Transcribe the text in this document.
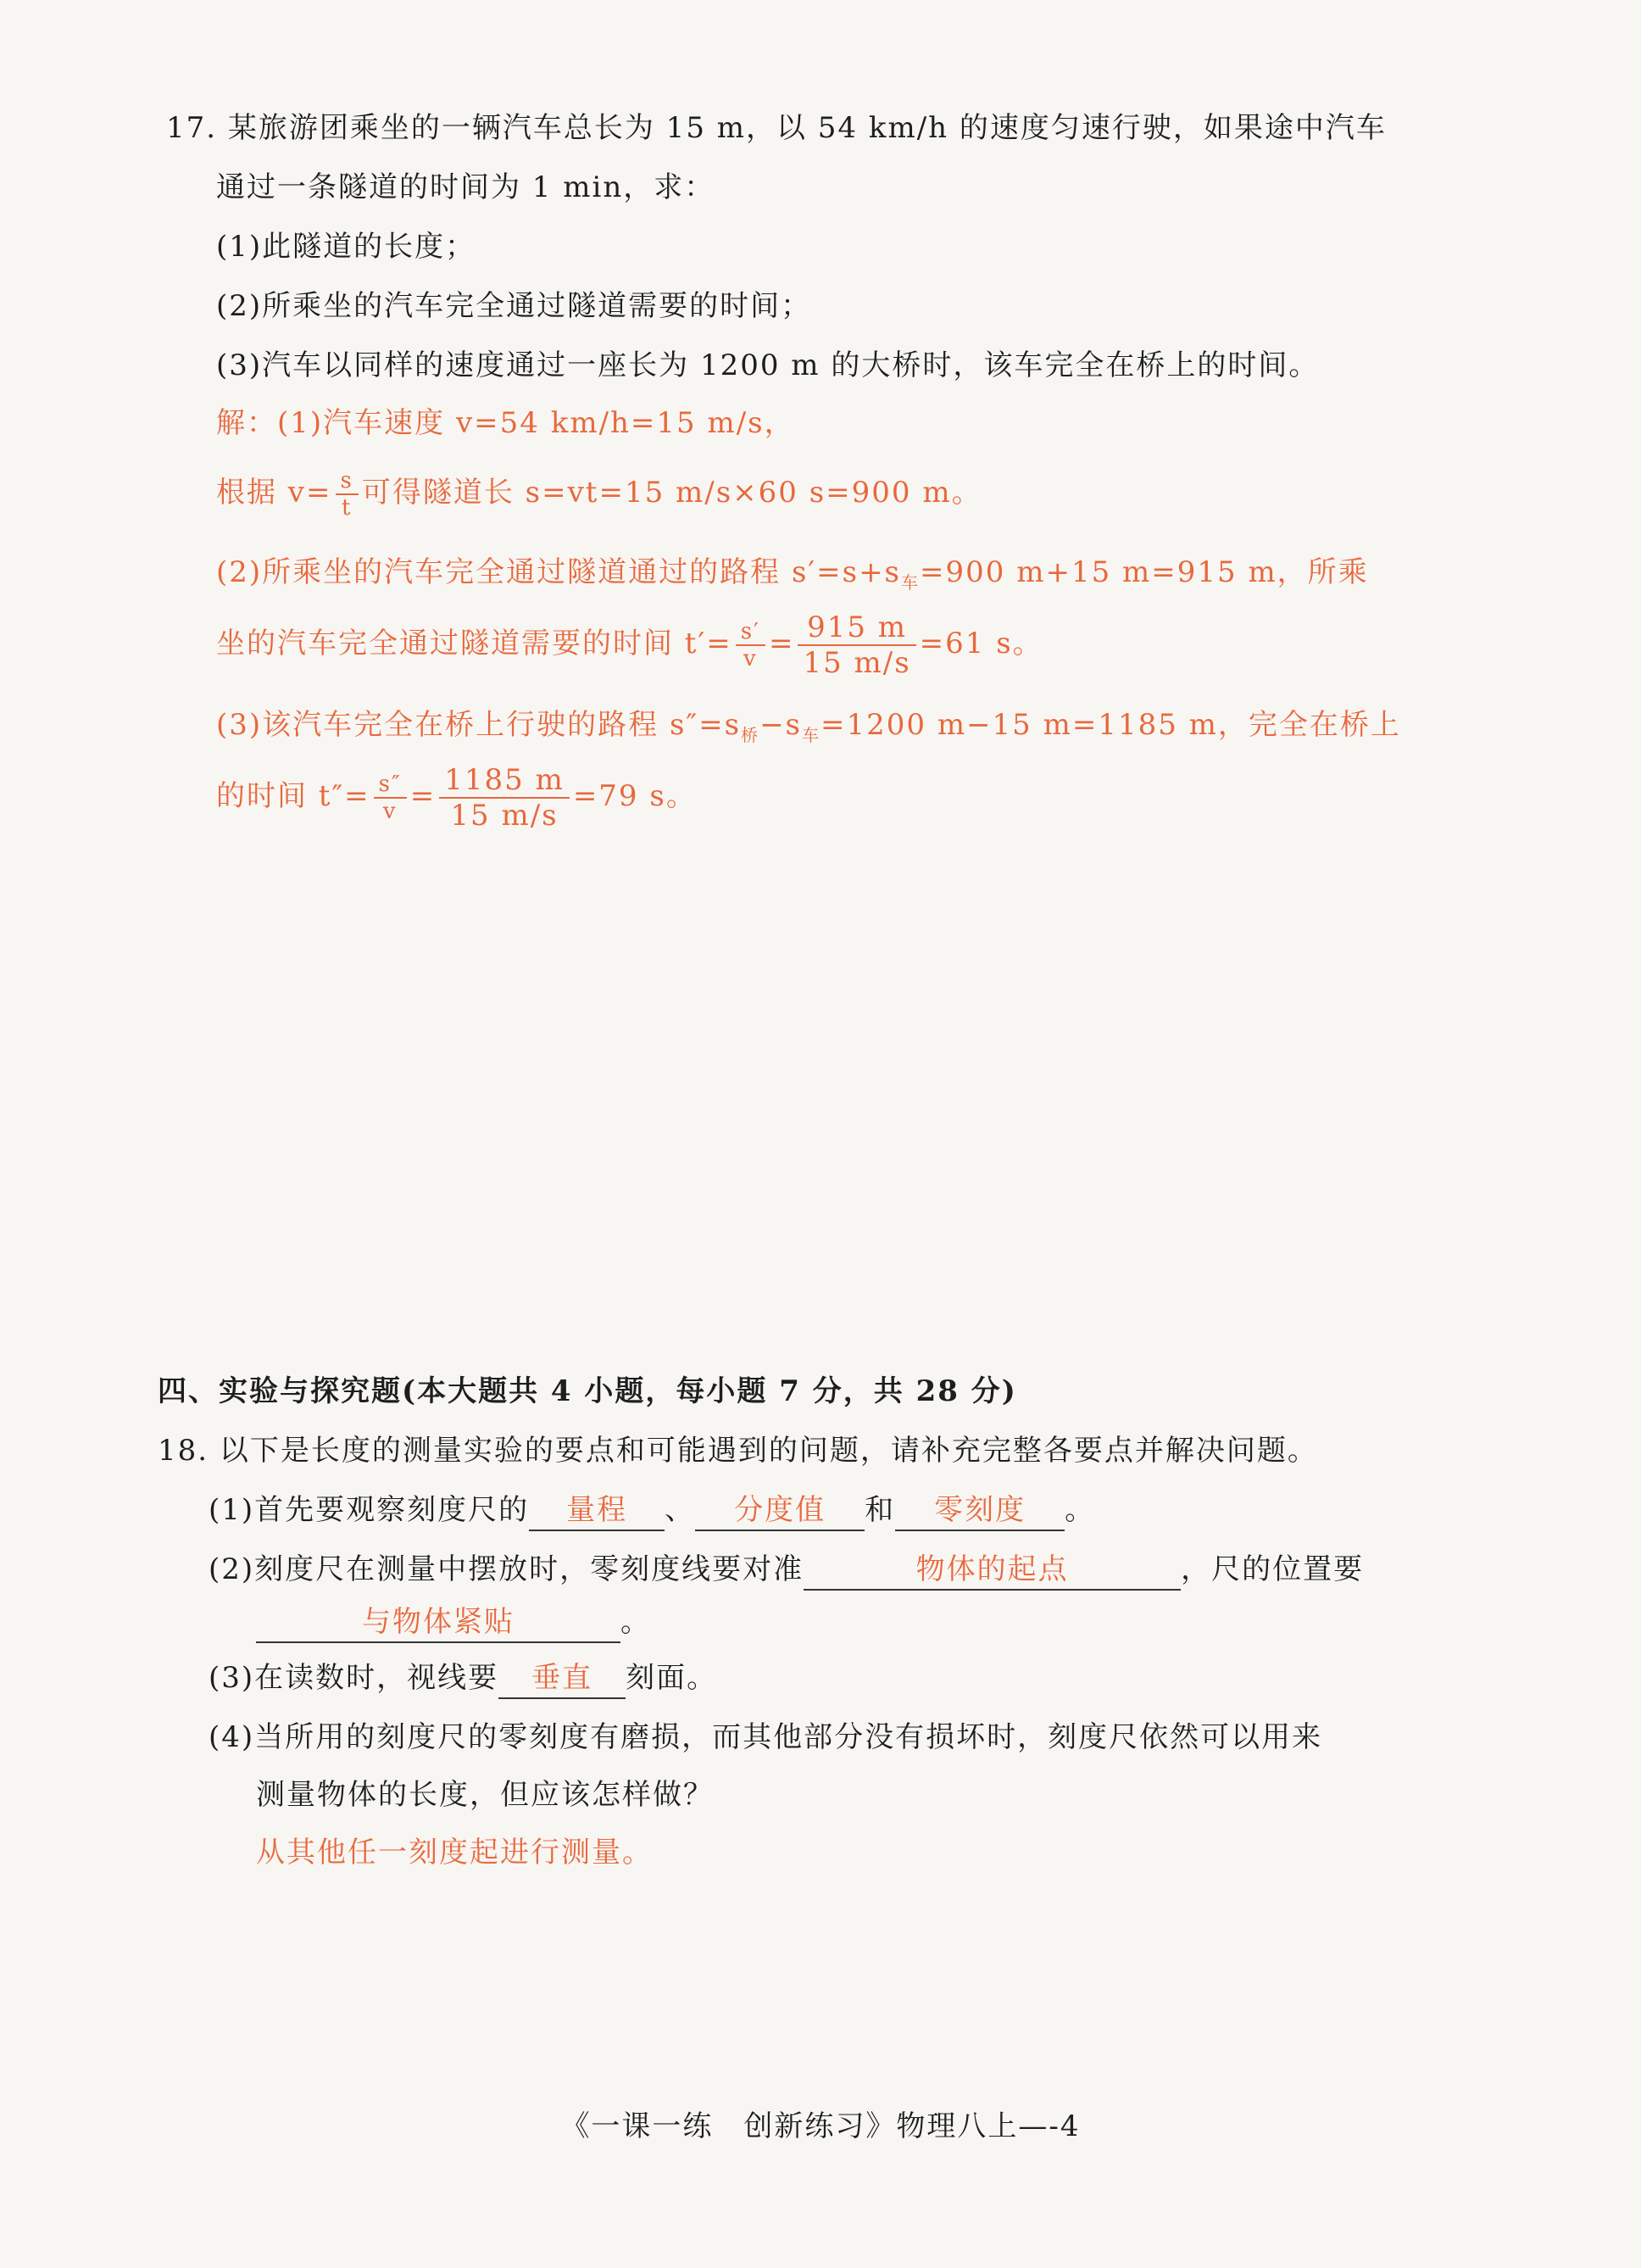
17. 某旅游团乘坐的一辆汽车总长为 15 m，以 54 km/h 的速度匀速行驶，如果途中汽车
通过一条隧道的时间为 1 min，求：
(1)此隧道的长度；
(2)所乘坐的汽车完全通过隧道需要的时间；
(3)汽车以同样的速度通过一座长为 1200 m 的大桥时，该车完全在桥上的时间。
解：(1)汽车速度 v=54 km/h=15 m/s，
根据 $v= \frac{s}{t}$ 可得隧道长 s=vt=15 m/s×60 s=900 m。
(2)所乘坐的汽车完全通过隧道通过的路程 $s'=s+s_车=900$ m+15 m=915 m，所乘
坐的汽车完全通过隧道需要的时间 $t'= \frac{s'}{v} = \frac{915 m}{15 m/s} =61$ s。
(3)该汽车完全在桥上行驶的路程 $s''=s_桥-s_车=1200$ m−15 m=1185 m，完全在桥上
的时间 $t''= \frac{s''}{v} = \frac{1185 m}{15 m/s} =79$ s。
四、实验与探究题(本大题共 4 小题，每小题 7 分，共 28 分)
18. 以下是长度的测量实验的要点和可能遇到的问题，请补充完整各要点并解决问题。
(1)首先要观察刻度尺的 量程 、 分度值 和 零刻度 。
(2)刻度尺在测量中摆放时，零刻度线要对准	物体的起点	，尺的位置要
与物体紧贴	。
(3)在读数时，视线要 垂直 刻面。
(4)当所用的刻度尺的零刻度有磨损，而其他部分没有损坏时，刻度尺依然可以用来
测量物体的长度，但应该怎样做？
从其他任一刻度起进行测量。
《一课一练　创新练习》物理八上—-4
